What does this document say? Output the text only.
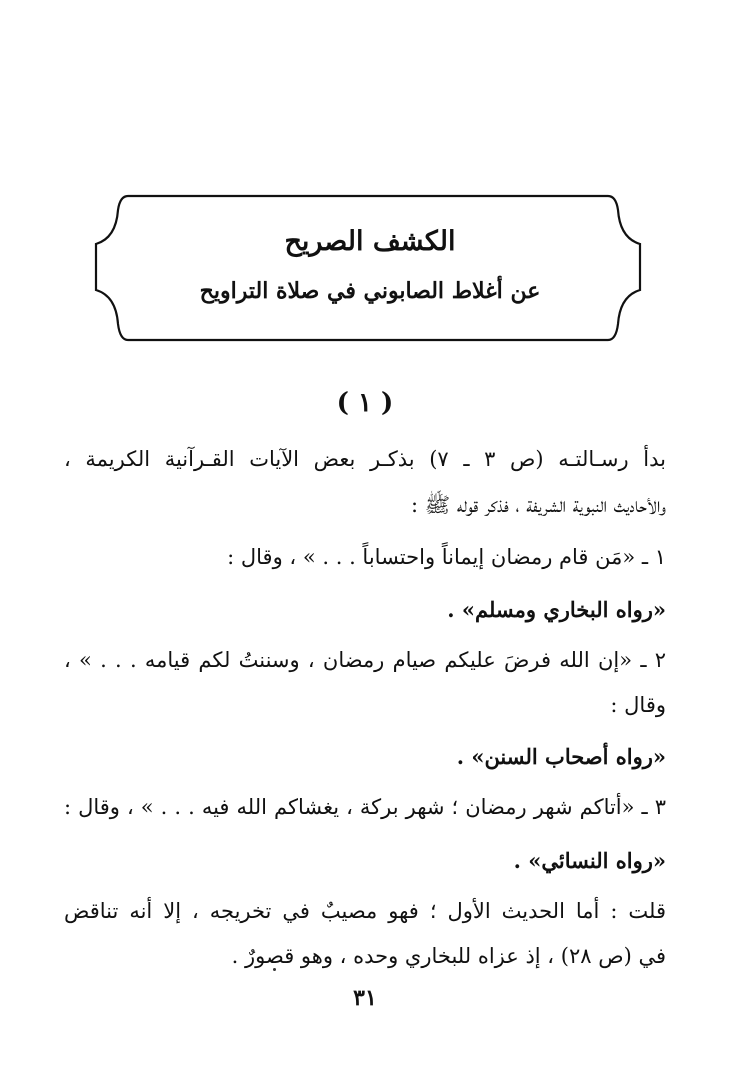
الكشف الصريح
عن أغلاط الصابوني في صلاة التراويح
( ١ )
بدأ رسـالتـه (ص ٣ ـ ٧) بذكـر بعض الآيات القـرآنية الكريمة ،
والأحاديث النبوية الشريفة ، فذكر قوله ﷺ :
١ ـ «مَن قام رمضان إيماناً واحتساباً . . . » ، وقال :
«رواه البخاري ومسلم» .
٢ ـ «إن الله فرضَ عليكم صيام رمضان ، وسننتُ لكم قيامه . . . » ،
وقال :
«رواه أصحاب السنن» .
٣ ـ «أتاكم شهر رمضان ؛ شهر بركة ، يغشاكم الله فيه . . . » ، وقال :
«رواه النسائي» .
قلت : أما الحديث الأول ؛ فهو مصيبٌ في تخريجه ، إلا أنه تناقض
في (ص ٢٨) ، إذ عزاه للبخاري وحده ، وهو قصورٌ .
٣١
